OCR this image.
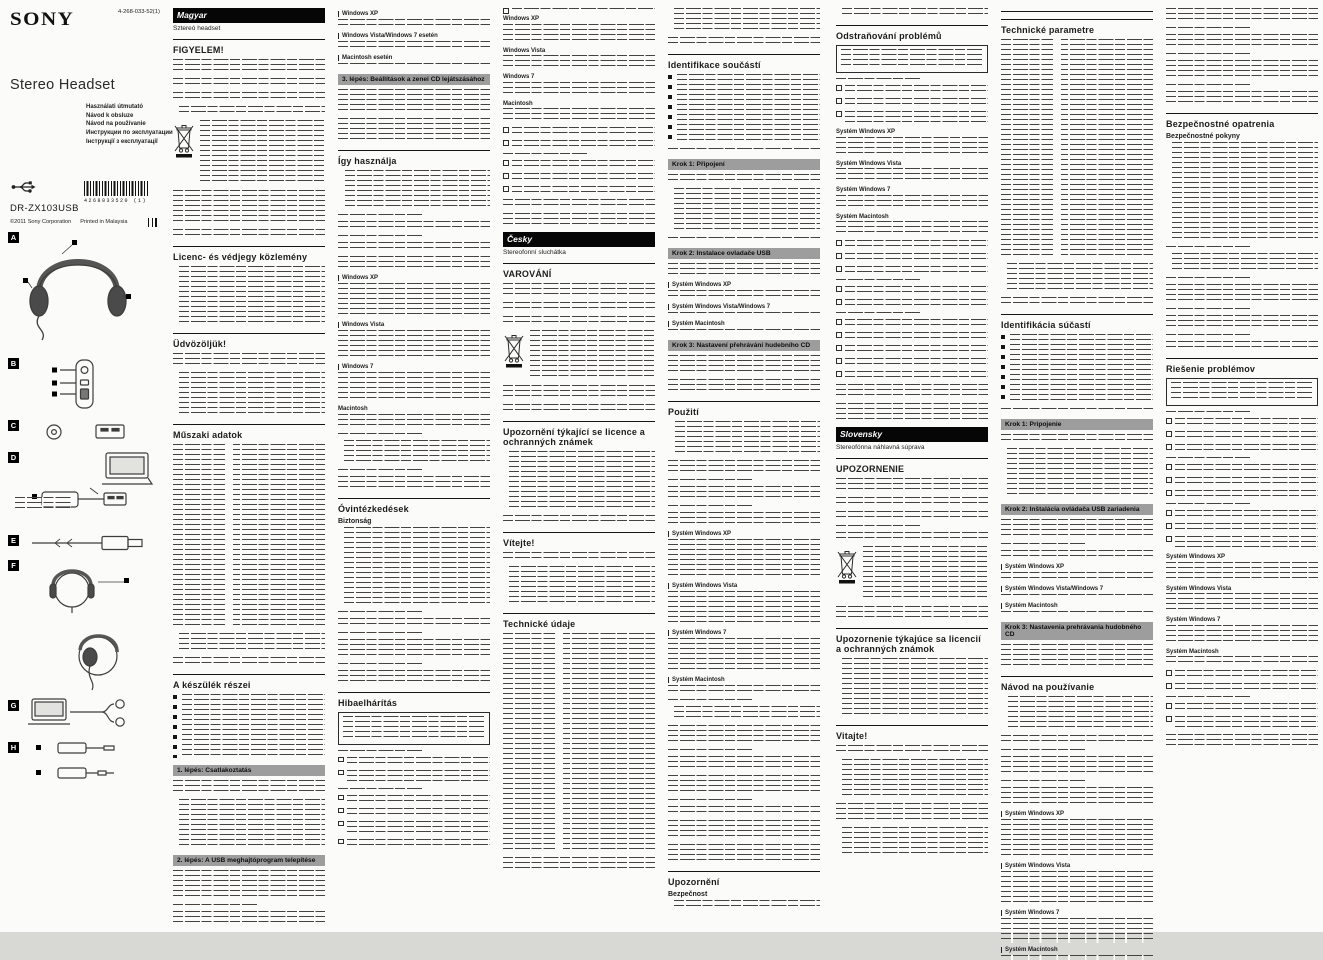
SONY	4-268-033-52(1)
Stereo Headset
Használati útmutató
Návod k obsluze
Návod na používanie
Инструкции по эксплуатации
Інструкції з експлуатації
4268033520 (1)
DR-ZX103USB
©2011 Sony Corporation Printed in Malaysia
A
B
C
D
E
F
G
H
Magyar
Sztereó headset
FIGYELEM!
Licenc- és védjegy közlemény
Üdvözöljük!
Műszaki adatok
A készülék részei
1. lépés: Csatlakoztatás
2. lépés: A USB meghajtóprogram telepítése
Windows XP
Windows Vista/Windows 7 esetén
Macintosh esetén
3. lépés: Beállítások a zenei CD lejátszásához
Így használja
Windows XP
Windows Vista
Windows 7
Macintosh
Óvintézkedések
Biztonság
Hibaelhárítás
Windows XP
Windows Vista
Windows 7
Macintosh
Česky
Stereofonní sluchátka
VAROVÁNÍ
Upozornění týkající se licence a ochranných známek
Vítejte!
Technické údaje
Identifikace součástí
Krok 1: Připojení
Krok 2: Instalace ovladače USB
Systém Windows XP
Systém Windows Vista/Windows 7
Systém Macintosh
Krok 3: Nastavení přehrávání hudebního CD
Použití
Systém Windows XP
Systém Windows Vista
Systém Windows 7
Systém Macintosh
Upozornění
Bezpečnost
Odstraňování problémů
Systém Windows XP
Systém Windows Vista
Systém Windows 7
Systém Macintosh
Slovensky
Stereofónna náhlavná súprava
UPOZORNENIE
Upozornenie týkajúce sa licencií a ochranných známok
Vitajte!
Technické parametre
Identifikácia súčastí
Krok 1: Pripojenie
Krok 2: Inštalácia ovládača USB zariadenia
Systém Windows XP
Systém Windows Vista/Windows 7
Systém Macintosh
Krok 3: Nastavenia prehrávania hudobného CD
Návod na používanie
Systém Windows XP
Systém Windows Vista
Systém Windows 7
Systém Macintosh
Bezpečnostné opatrenia
Bezpečnostné pokyny
Riešenie problémov
Systém Windows XP
Systém Windows Vista
Systém Windows 7
Systém Macintosh
